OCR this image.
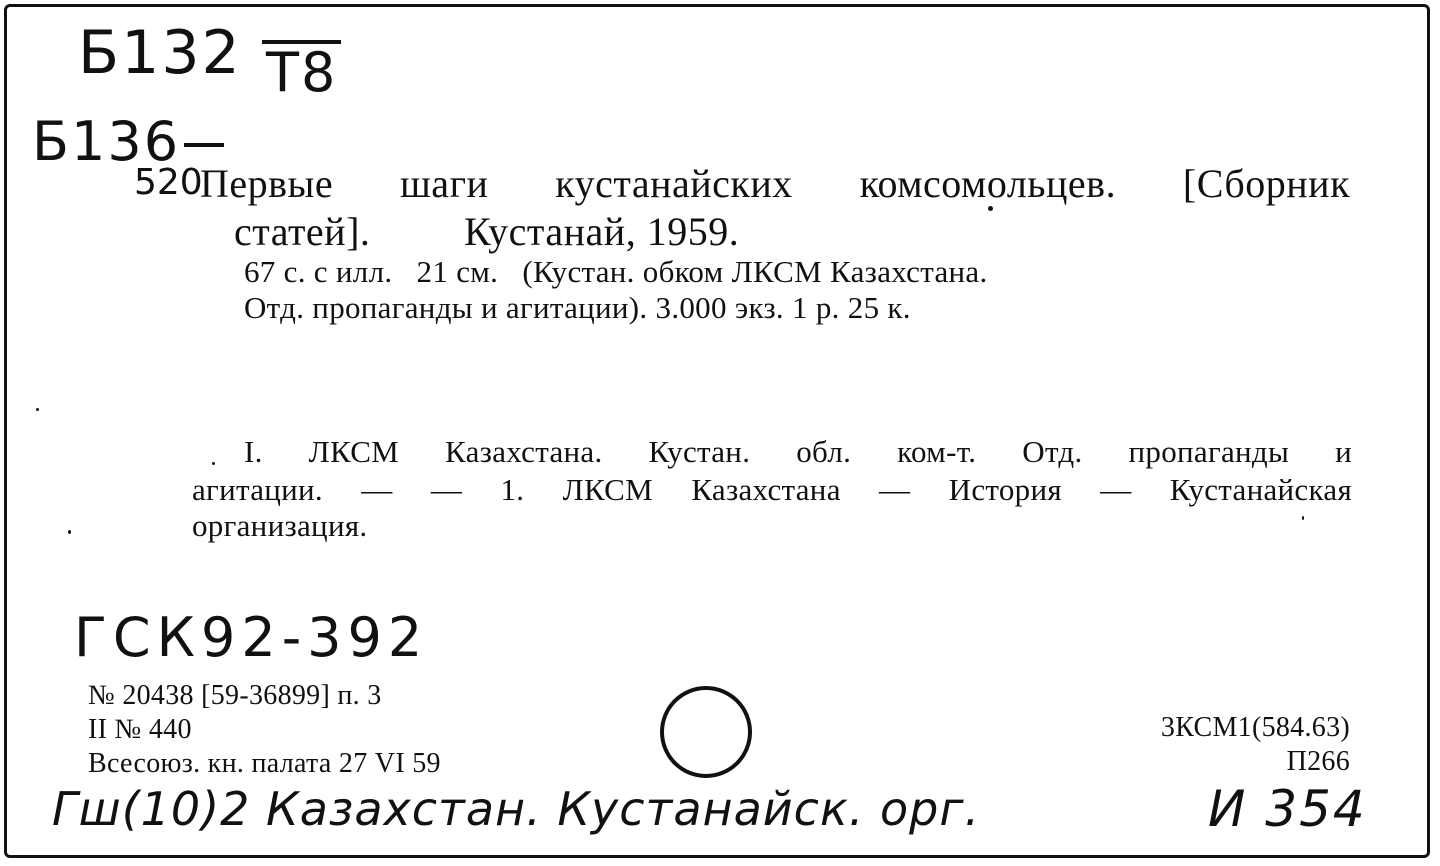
Б132 Т8
Б136
520
Первые шаги кустанайских комсомольцев. [Сборник
статей]. Кустанай, 1959.
67 с. с илл.   21 см.   (Кустан. обком ЛКСМ Казахстана.
Отд. пропаганды и агитации). 3.000 экз. 1 р. 25 к.
I. ЛКСМ Казахстана. Кустан. обл. ком-т. Отд. пропаганды и
агитации. — — 1. ЛКСМ Казахстана — История — Кустанайская
организация.
ГСК92-392
№ 20438 [59-36899] п. 3
II № 440
Всесоюз. кн. палата 27 VI 59
3КСМ1(584.63)
П266
Гш(10)2 Казахстан. Кустанайск. орг.	И 354
